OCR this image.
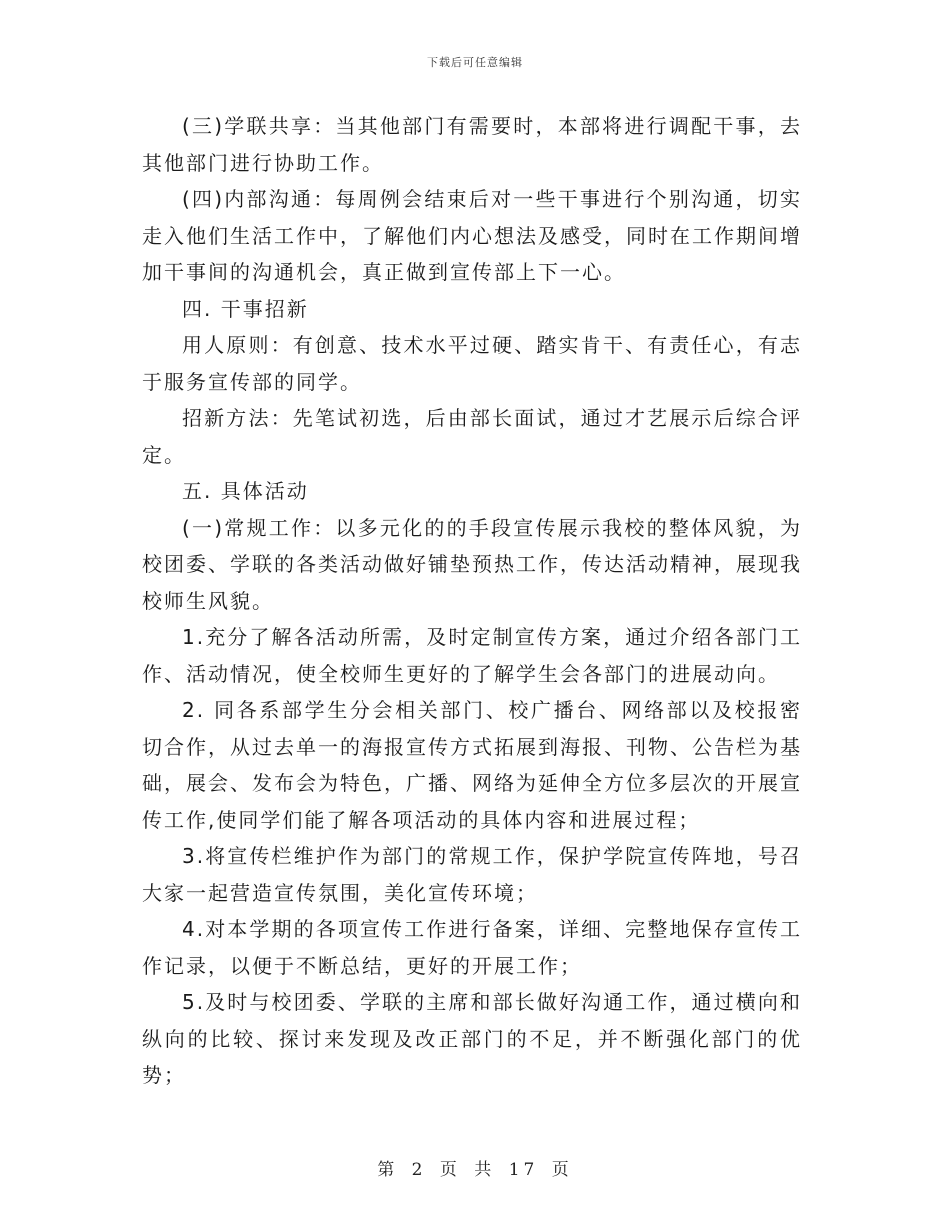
下载后可任意编辑

(三)学联共享：当其他部门有需要时，本部将进行调配干事，去其他部门进行协助工作。

(四)内部沟通：每周例会结束后对一些干事进行个别沟通，切实走入他们生活工作中，了解他们内心想法及感受，同时在工作期间增加干事间的沟通机会，真正做到宣传部上下一心。

四. 干事招新

用人原则：有创意、技术水平过硬、踏实肯干、有责任心，有志于服务宣传部的同学。

招新方法：先笔试初选，后由部长面试，通过才艺展示后综合评定。

五. 具体活动

(一)常规工作：以多元化的的手段宣传展示我校的整体风貌，为校团委、学联的各类活动做好铺垫预热工作，传达活动精神，展现我校师生风貌。

1.充分了解各活动所需，及时定制宣传方案，通过介绍各部门工作、活动情况，使全校师生更好的了解学生会各部门的进展动向。

2. 同各系部学生分会相关部门、校广播台、网络部以及校报密切合作，从过去单一的海报宣传方式拓展到海报、刊物、公告栏为基础，展会、发布会为特色，广播、网络为延伸全方位多层次的开展宣传工作,使同学们能了解各项活动的具体内容和进展过程；

3.将宣传栏维护作为部门的常规工作，保护学院宣传阵地，号召大家一起营造宣传氛围，美化宣传环境；

4.对本学期的各项宣传工作进行备案，详细、完整地保存宣传工作记录，以便于不断总结，更好的开展工作；

5.及时与校团委、学联的主席和部长做好沟通工作，通过横向和纵向的比较、探讨来发现及改正部门的不足，并不断强化部门的优势；

第 2 页 共 17 页
